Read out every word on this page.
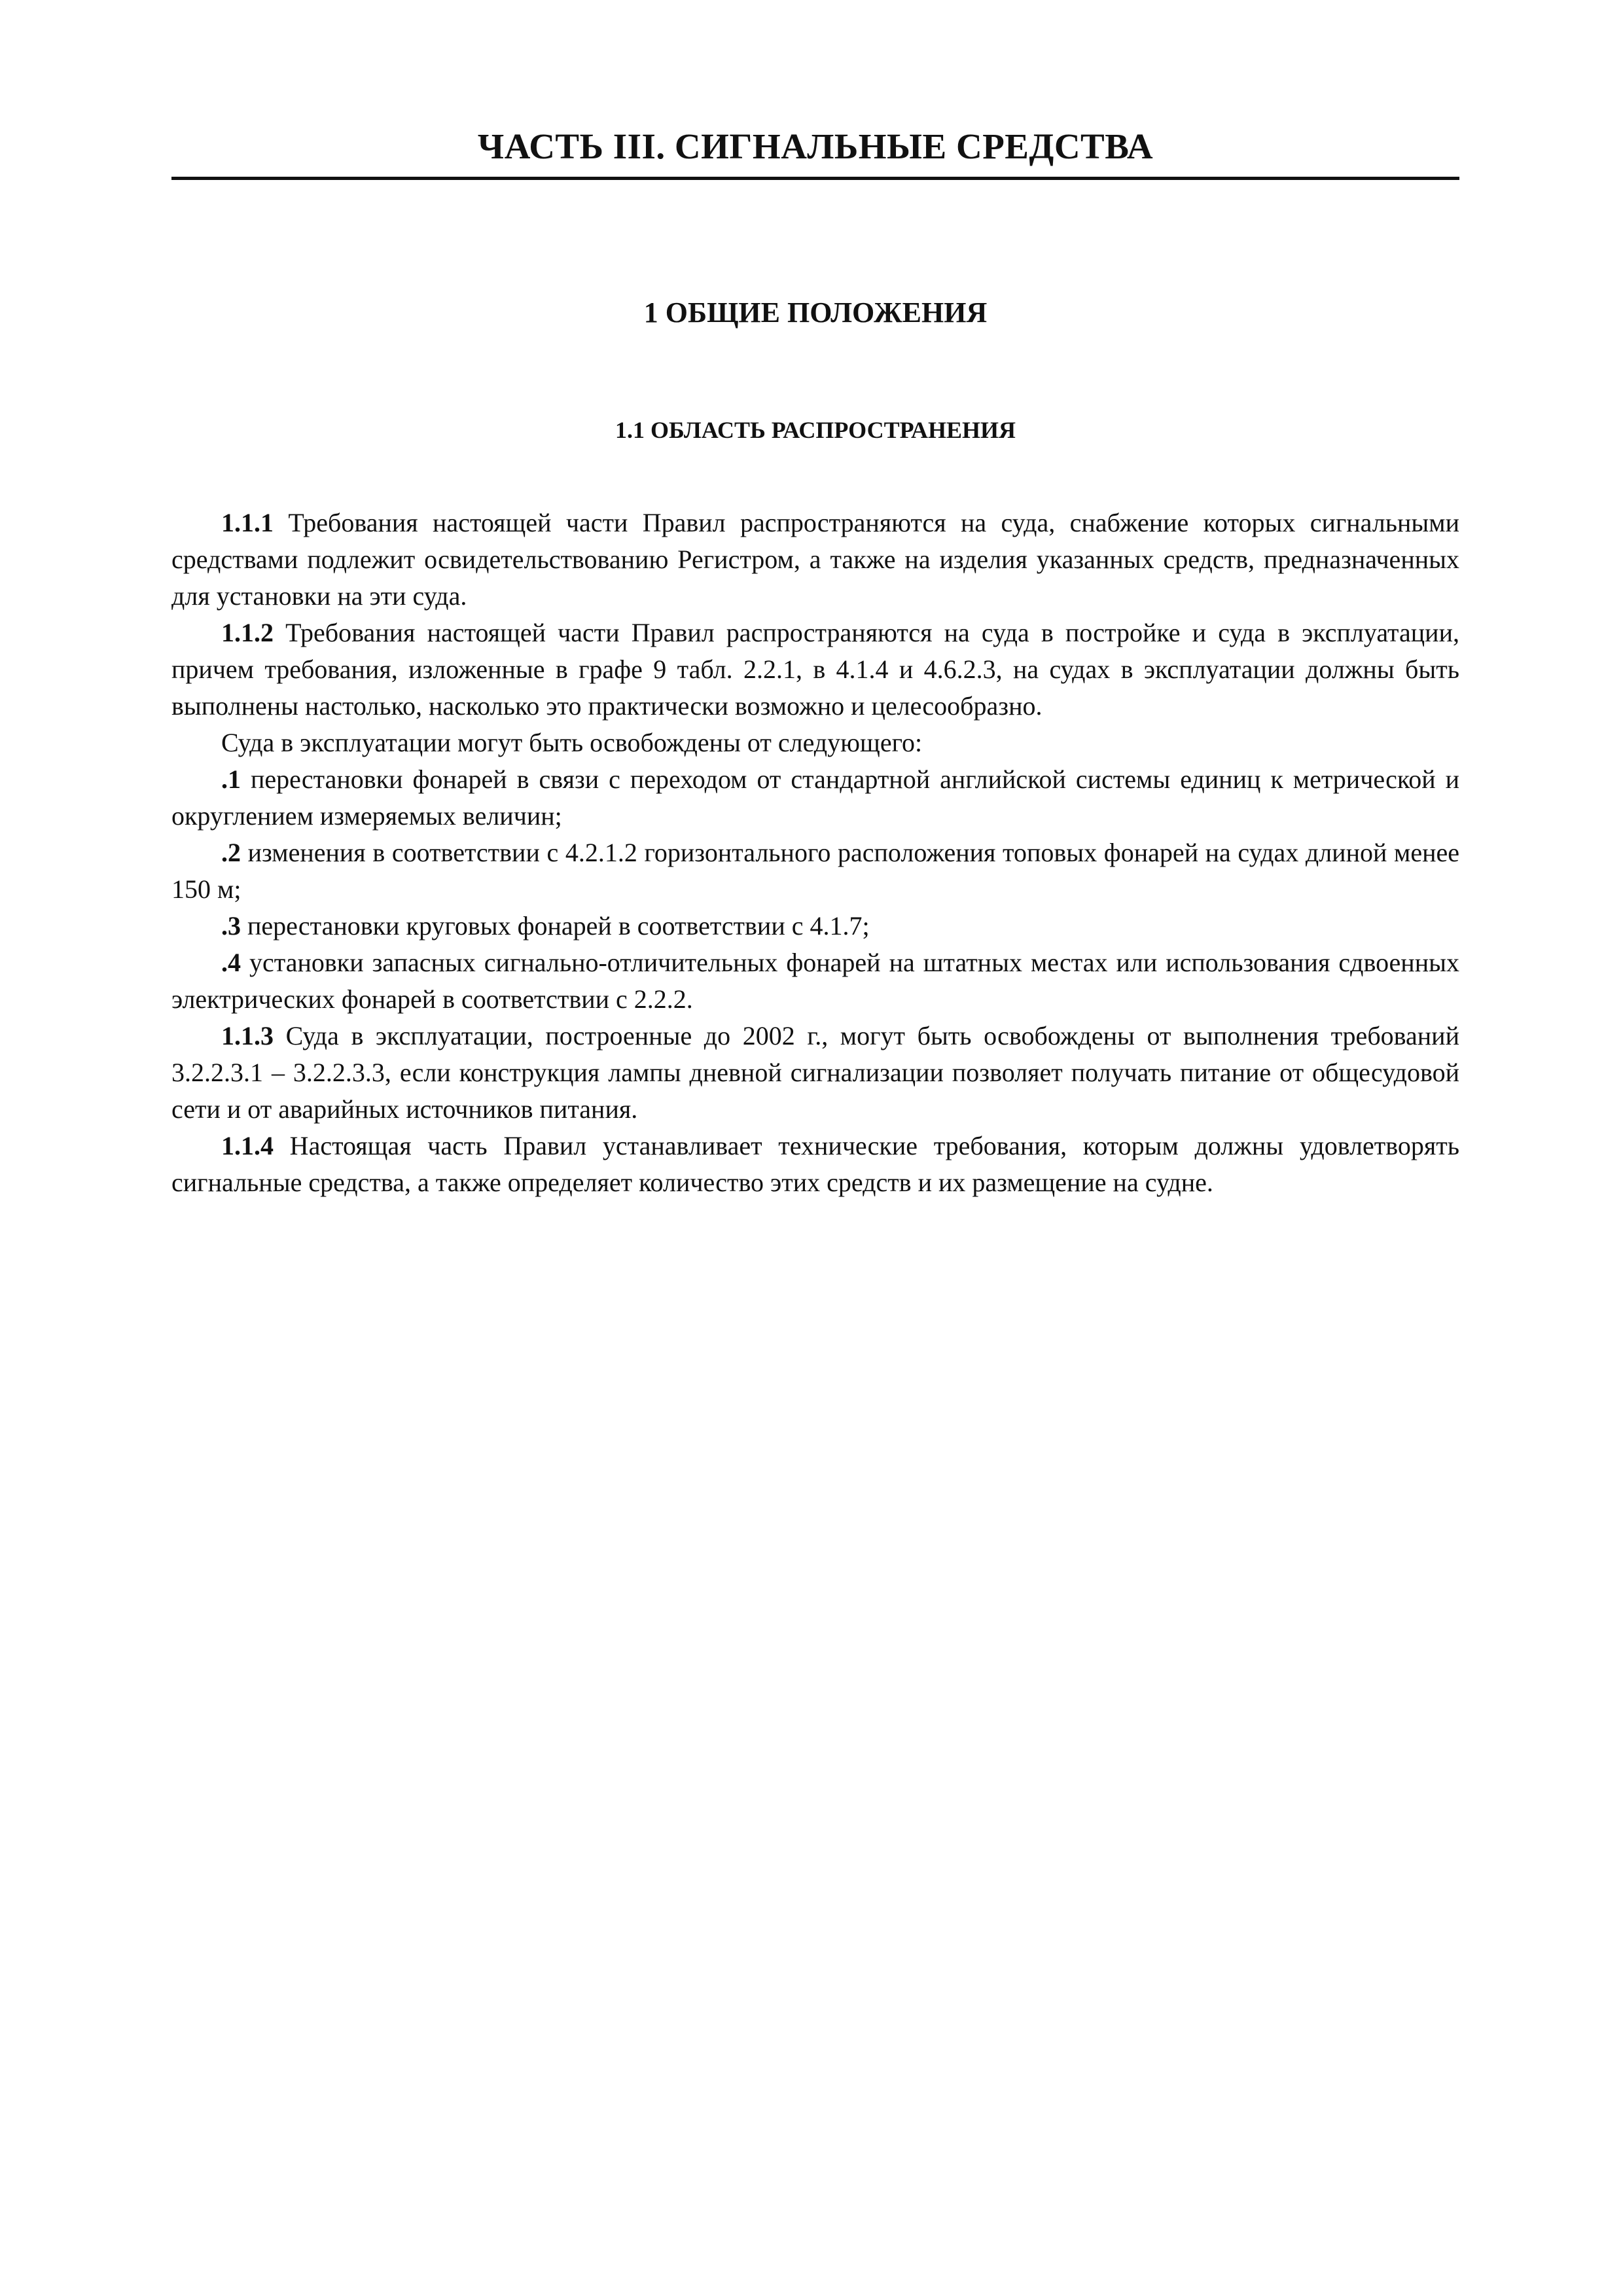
ЧАСТЬ III. СИГНАЛЬНЫЕ СРЕДСТВА
1 ОБЩИЕ ПОЛОЖЕНИЯ
1.1 ОБЛАСТЬ РАСПРОСТРАНЕНИЯ

1.1.1 Требования настоящей части Правил распространяются на суда, снабжение которых сигнальными средствами подлежит освидетельствованию Регистром, а также на изделия указанных средств, предназначенных для установки на эти суда.

1.1.2 Требования настоящей части Правил распространяются на суда в постройке и суда в эксплуатации, причем требования, изложенные в графе 9 табл. 2.2.1, в 4.1.4 и 4.6.2.3, на судах в эксплуатации должны быть выполнены настолько, насколько это практически возможно и целесообразно.

Суда в эксплуатации могут быть освобождены от следующего:

.1 перестановки фонарей в связи с переходом от стандартной английской системы единиц к метрической и округлением измеряемых величин;

.2 изменения в соответствии с 4.2.1.2 горизонтального расположения топовых фонарей на судах длиной менее 150 м;

.3 перестановки круговых фонарей в соответствии с 4.1.7;

.4 установки запасных сигнально-отличительных фонарей на штатных местах или использования сдвоенных электрических фонарей в соответствии с 2.2.2.

1.1.3 Суда в эксплуатации, построенные до 2002 г., могут быть освобождены от выполнения требований 3.2.2.3.1 – 3.2.2.3.3, если конструкция лампы дневной сигнализации позволяет получать питание от общесудовой сети и от аварийных источников питания.

1.1.4 Настоящая часть Правил устанавливает технические требования, которым должны удовлетворять сигнальные средства, а также определяет количество этих средств и их размещение на судне.
